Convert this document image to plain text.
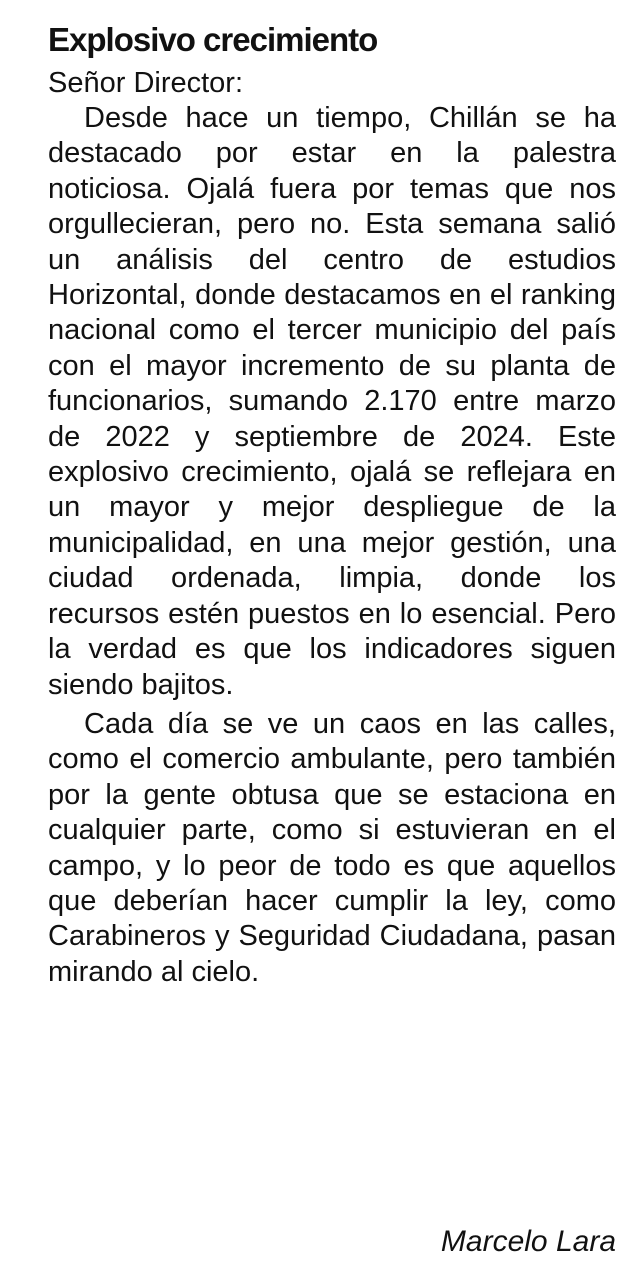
Explosivo crecimiento

Señor Director:

Desde hace un tiempo, Chillán se ha destacado por estar en la palestra noticiosa. Ojalá fuera por temas que nos orgullecieran, pero no. Esta semana salió un análisis del centro de estudios Horizontal, donde destacamos en el ranking nacional como el tercer municipio del país con el mayor incremento de su planta de funcionarios, sumando 2.170 entre marzo de 2022 y septiembre de 2024. Este explosivo crecimiento, ojalá se reflejara en un mayor y mejor despliegue de la municipalidad, en una mejor gestión, una ciudad ordenada, limpia, donde los recursos estén puestos en lo esencial. Pero la verdad es que los indicadores siguen siendo bajitos.

Cada día se ve un caos en las calles, como el comercio ambulante, pero también por la gente obtusa que se estaciona en cualquier parte, como si estuvieran en el campo, y lo peor de todo es que aquellos que deberían hacer cumplir la ley, como Carabineros y Seguridad Ciudadana, pasan mirando al cielo.

Marcelo Lara
